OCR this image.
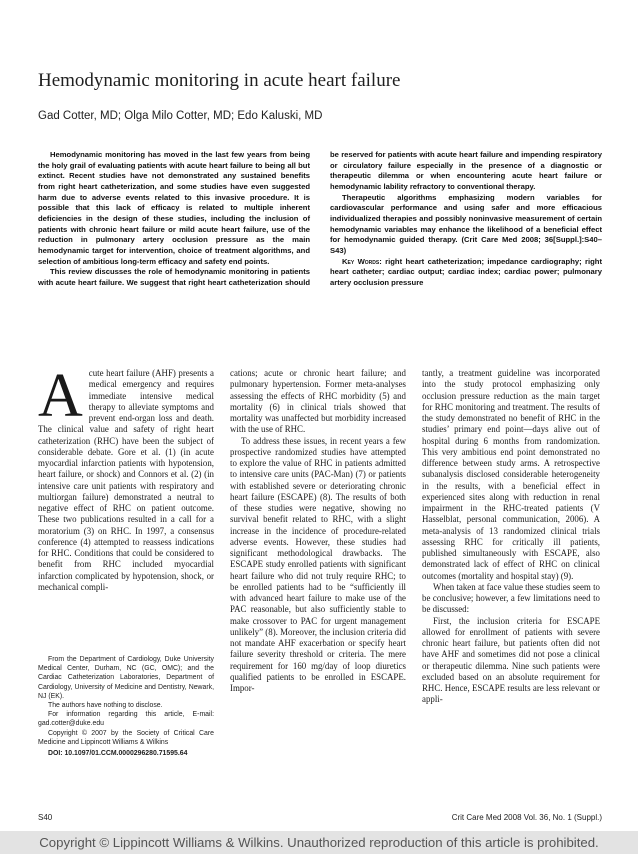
Hemodynamic monitoring in acute heart failure
Gad Cotter, MD; Olga Milo Cotter, MD; Edo Kaluski, MD

Hemodynamic monitoring has moved in the last few years from being the holy grail of evaluating patients with acute heart failure to being all but extinct. Recent studies have not demonstrated any sustained benefits from right heart catheterization, and some studies have even suggested harm due to adverse events related to this invasive procedure. It is possible that this lack of efficacy is related to multiple inherent deficiencies in the design of these studies, including the inclusion of patients with chronic heart failure or mild acute heart failure, use of the reduction in pulmonary artery occlusion pressure as the main hemodynamic target for intervention, choice of treatment algorithms, and selection of ambitious long-term efficacy and safety end points.

This review discusses the role of hemodynamic monitoring in patients with acute heart failure. We suggest that right heart catheterization should be reserved for patients with acute heart failure and impending respiratory or circulatory failure especially in the presence of a diagnostic or therapeutic dilemma or when encountering acute heart failure or hemodynamic lability refractory to conventional therapy.

Therapeutic algorithms emphasizing modern variables for cardiovascular performance and using safer and more efficacious individualized therapies and possibly noninvasive measurement of certain hemodynamic variables may enhance the likelihood of a beneficial effect for hemodynamic guided therapy. (Crit Care Med 2008; 36[Suppl.]:S40–S43)

Key Words: right heart catheterization; impedance cardiography; right heart catheter; cardiac output; cardiac index; cardiac power; pulmonary artery occlusion pressure

A cute heart failure (AHF) presents a medical emergency and requires immediate intensive medical therapy to alleviate symptoms and prevent end-organ loss and death. The clinical value and safety of right heart catheterization (RHC) have been the subject of considerable debate. Gore et al. (1) (in acute myocardial infarction patients with hypotension, heart failure, or shock) and Connors et al. (2) (in intensive care unit patients with respiratory and multiorgan failure) demonstrated a neutral to negative effect of RHC on patient outcome. These two publications resulted in a call for a moratorium (3) on RHC. In 1997, a consensus conference (4) attempted to reassess indications for RHC. Conditions that could be considered to benefit from RHC included myocardial infarction complicated by hypotension, shock, or mechanical compli-

From the Department of Cardiology, Duke University Medical Center, Durham, NC (GC, OMC); and the Cardiac Catheterization Laboratories, Department of Cardiology, University of Medicine and Dentistry, Newark, NJ (EK).

The authors have nothing to disclose.

For information regarding this article, E-mail: gad.cotter@duke.edu

Copyright © 2007 by the Society of Critical Care Medicine and Lippincott Williams & Wilkins

DOI: 10.1097/01.CCM.0000296280.71595.64

cations; acute or chronic heart failure; and pulmonary hypertension. Former meta-analyses assessing the effects of RHC morbidity (5) and mortality (6) in clinical trials showed that mortality was unaffected but morbidity increased with the use of RHC.

To address these issues, in recent years a few prospective randomized studies have attempted to explore the value of RHC in patients admitted to intensive care units (PAC-Man) (7) or patients with established severe or deteriorating chronic heart failure (ESCAPE) (8). The results of both of these studies were negative, showing no survival benefit related to RHC, with a slight increase in the incidence of procedure-related adverse events. However, these studies had significant methodological drawbacks. The ESCAPE study enrolled patients with significant heart failure who did not truly require RHC; to be enrolled patients had to be “sufficiently ill with advanced heart failure to make use of the PAC reasonable, but also sufficiently stable to make crossover to PAC for urgent management unlikely” (8). Moreover, the inclusion criteria did not mandate AHF exacerbation or specify heart failure severity threshold or criteria. The mere requirement for 160 mg/day of loop diuretics qualified patients to be enrolled in ESCAPE. Impor-

tantly, a treatment guideline was incorporated into the study protocol emphasizing only occlusion pressure reduction as the main target for RHC monitoring and treatment. The results of the study demonstrated no benefit of RHC in the studies’ primary end point—days alive out of hospital during 6 months from randomization. This very ambitious end point demonstrated no difference between study arms. A retrospective subanalysis disclosed considerable heterogeneity in the results, with a beneficial effect in experienced sites along with reduction in renal impairment in the RHC-treated patients (V Hasselblat, personal communication, 2006). A meta-analysis of 13 randomized clinical trials assessing RHC for critically ill patients, published simultaneously with ESCAPE, also demonstrated lack of effect of RHC on clinical outcomes (mortality and hospital stay) (9).

When taken at face value these studies seem to be conclusive; however, a few limitations need to be discussed:

First, the inclusion criteria for ESCAPE allowed for enrollment of patients with severe chronic heart failure, but patients often did not have AHF and sometimes did not pose a clinical or therapeutic dilemma. Nine such patients were excluded based on an absolute requirement for RHC. Hence, ESCAPE results are less relevant or appli-

S40	Crit Care Med 2008 Vol. 36, No. 1 (Suppl.)
Copyright © Lippincott Williams & Wilkins. Unauthorized reproduction of this article is prohibited.
